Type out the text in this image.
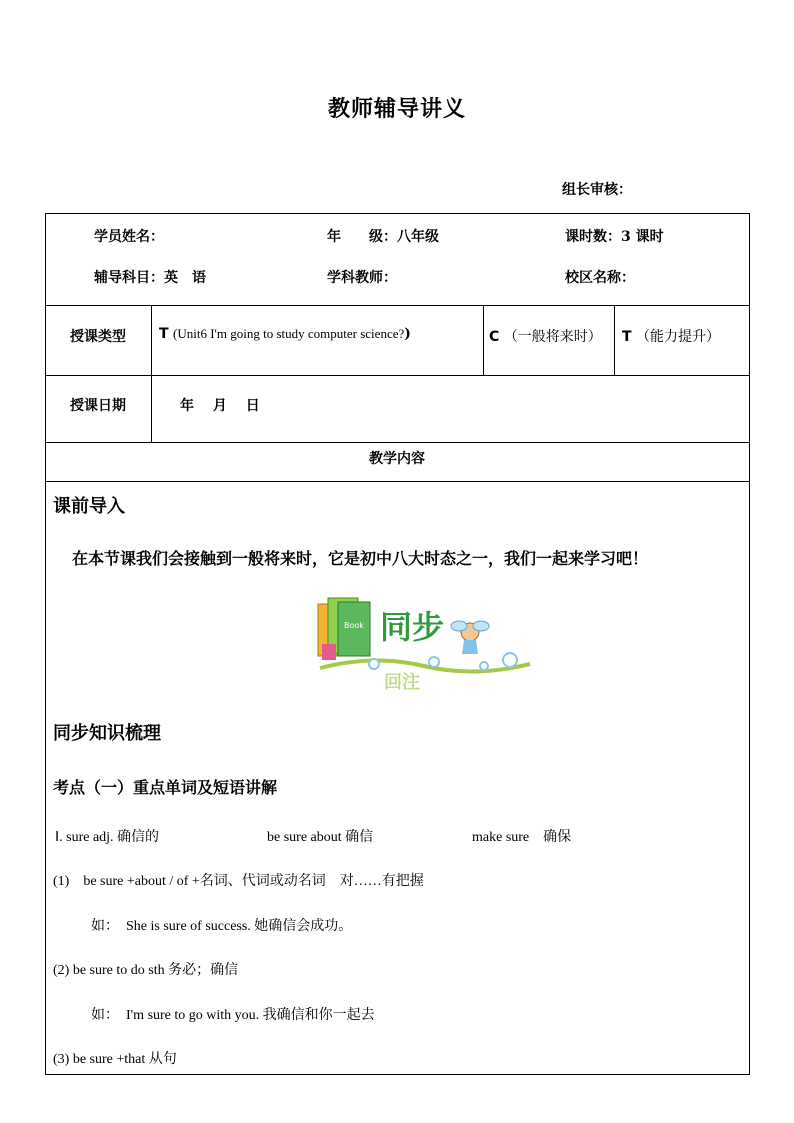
教师辅导讲义
组长审核：
学员姓名：	年　　级：八年级	课时数：3 课时
辅导科目：英　语	学科教师：	校区名称：
授课类型 T (Unit6 I'm going to study computer science?)	C （一般将来时） T （能力提升）
授课日期	年　 月　 日
教学内容
课前导入
在本节课我们会接触到一般将来时，它是初中八大时态之一，我们一起来学习吧！
Book 同步
回注
同步知识梳理
考点（一）重点单词及短语讲解
Ⅰ. sure adj. 确信的	be sure about 确信	make sure　确保
(1)　be sure +about / of +名词、代词或动名词　对……有把握
如：　She is sure of success. 她确信会成功。
(2) be sure to do sth 务必；确信
如：　I'm sure to go with you. 我确信和你一起去
(3) be sure +that 从句
